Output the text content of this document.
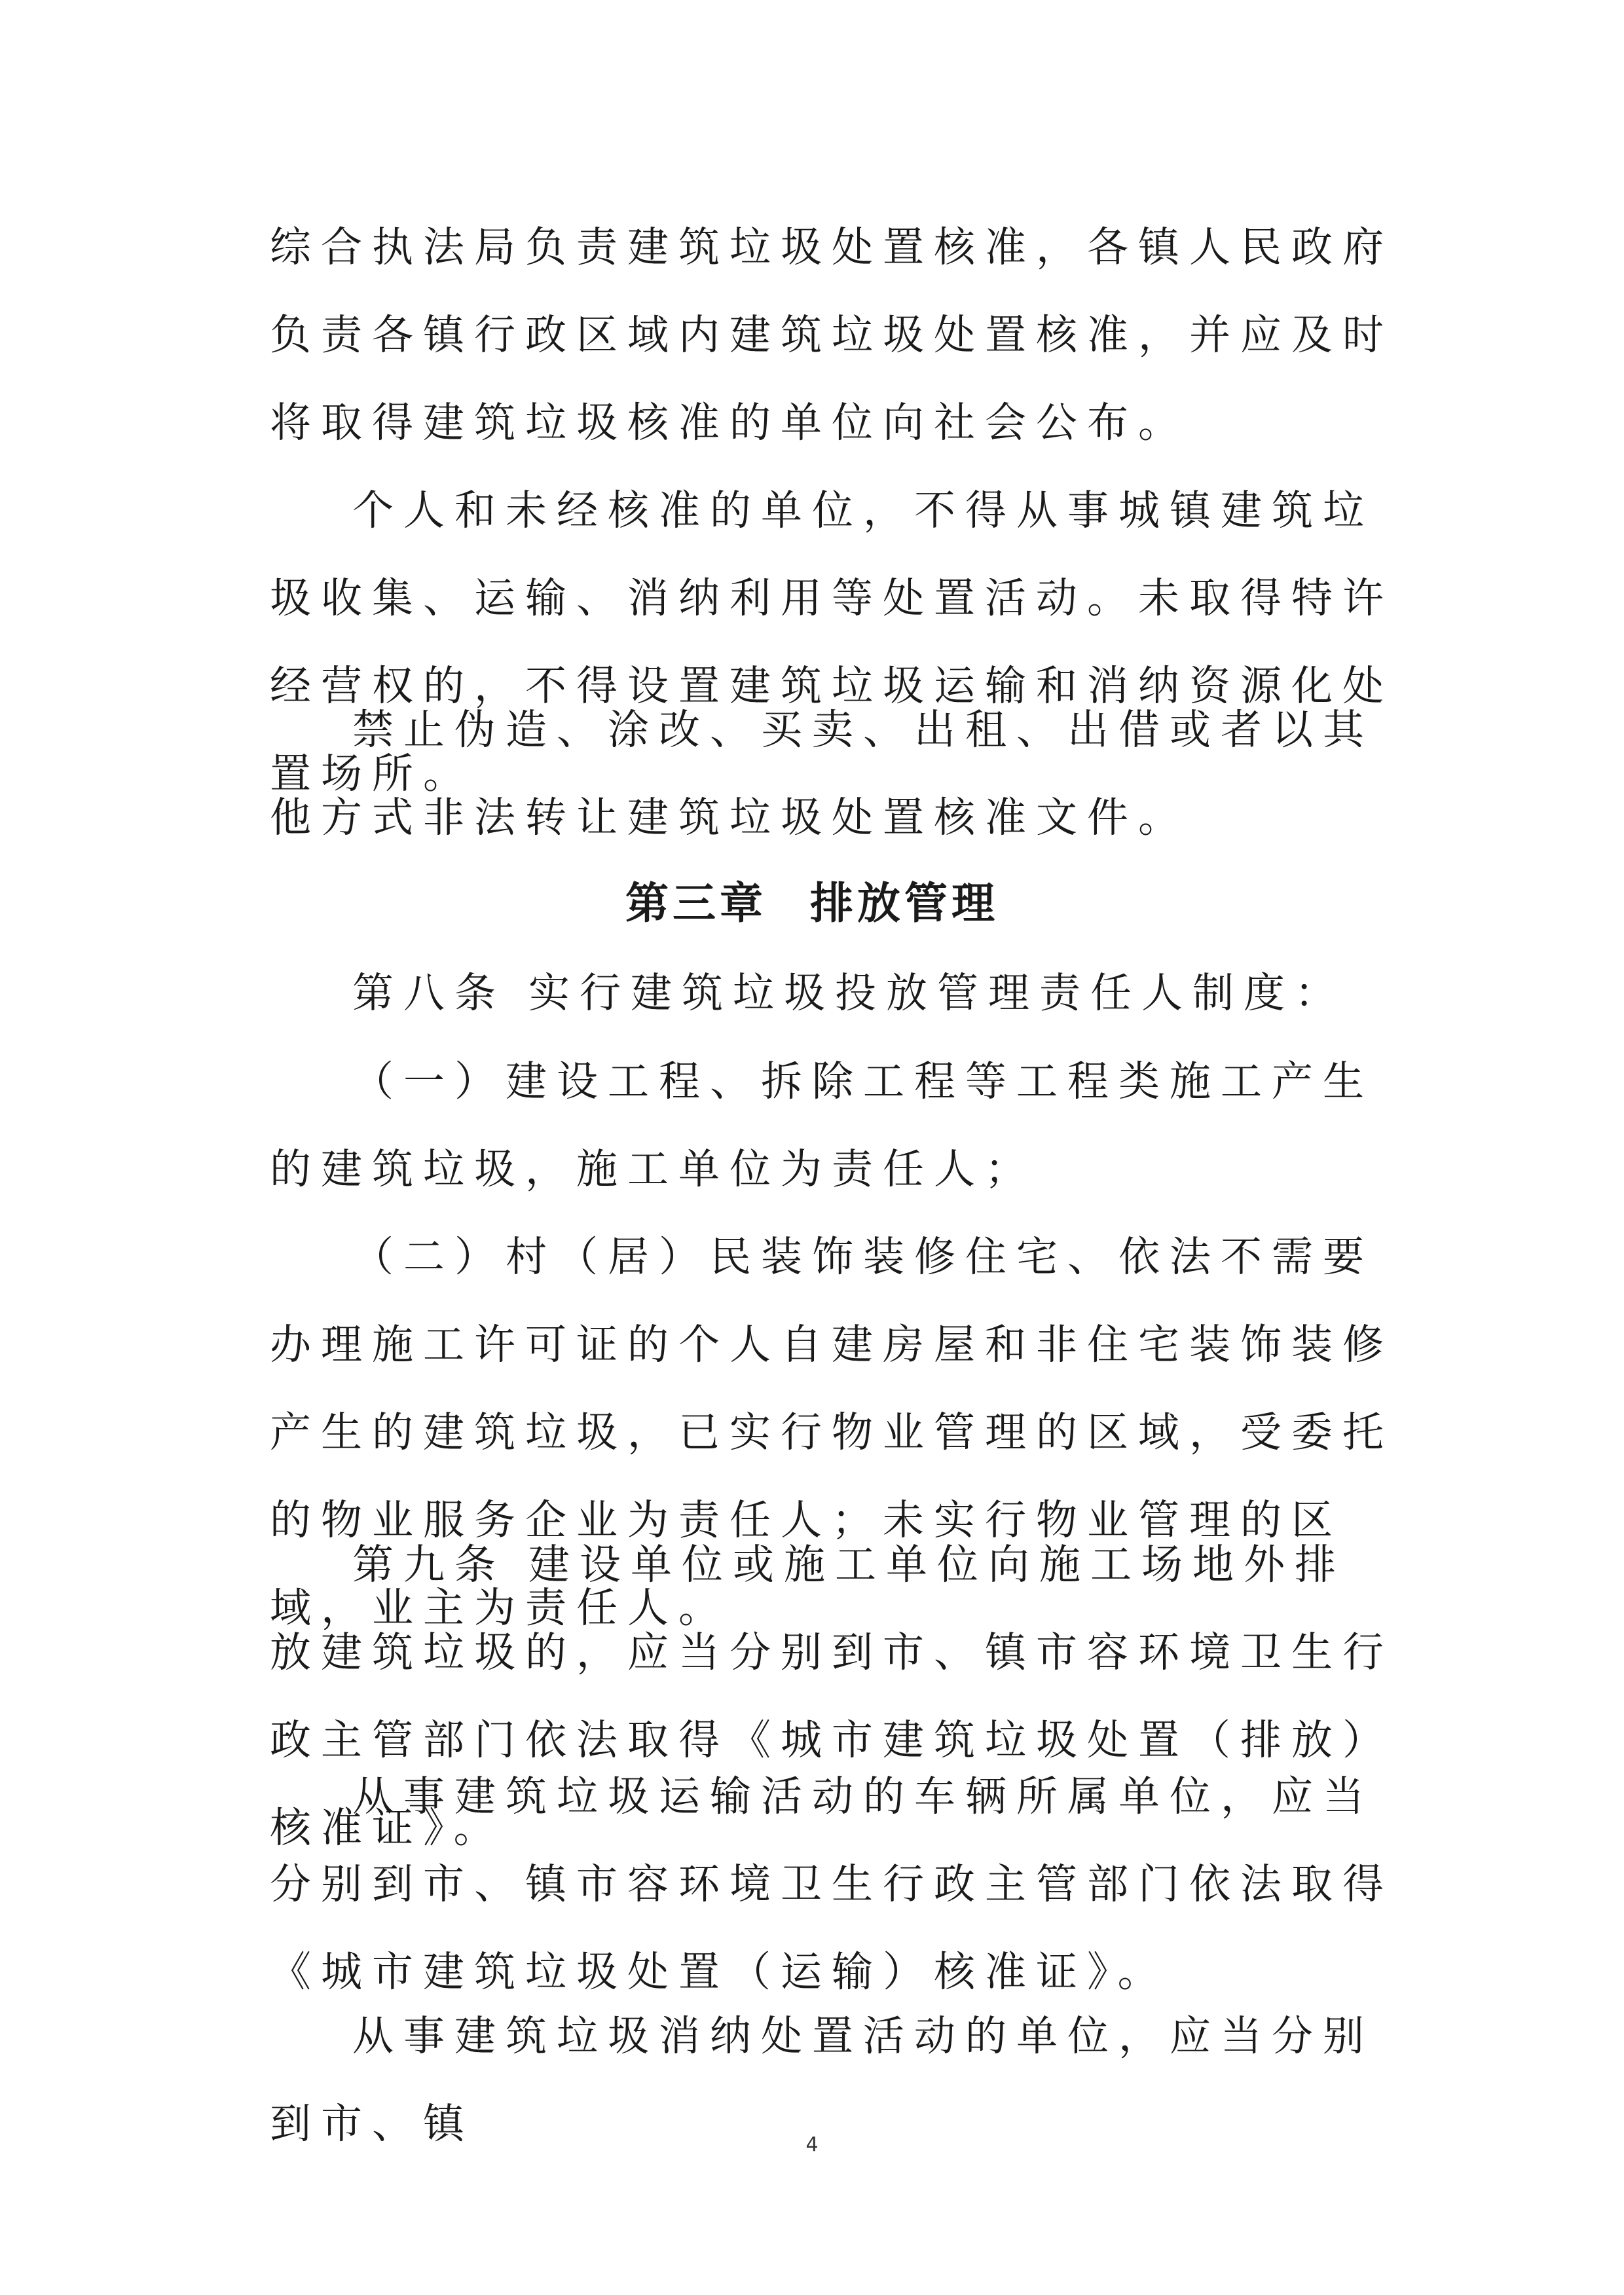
综合执法局负责建筑垃圾处置核准，各镇人民政府负责各镇行政区域内建筑垃圾处置核准，并应及时将取得建筑垃圾核准的单位向社会公布。
个人和未经核准的单位，不得从事城镇建筑垃圾收集、运输、消纳利用等处置活动。未取得特许经营权的，不得设置建筑垃圾运输和消纳资源化处置场所。
禁止伪造、涂改、买卖、出租、出借或者以其他方式非法转让建筑垃圾处置核准文件。
第三章 排放管理
第八条 实行建筑垃圾投放管理责任人制度：
（一）建设工程、拆除工程等工程类施工产生的建筑垃圾，施工单位为责任人；
（二）村（居）民装饰装修住宅、依法不需要办理施工许可证的个人自建房屋和非住宅装饰装修产生的建筑垃圾，已实行物业管理的区域，受委托的物业服务企业为责任人；未实行物业管理的区域，业主为责任人。
第九条 建设单位或施工单位向施工场地外排放建筑垃圾的，应当分别到市、镇市容环境卫生行政主管部门依法取得《城市建筑垃圾处置（排放）核准证》。
从事建筑垃圾运输活动的车辆所属单位，应当分别到市、镇市容环境卫生行政主管部门依法取得《城市建筑垃圾处置（运输）核准证》。
从事建筑垃圾消纳处置活动的单位，应当分别到市、镇	4
